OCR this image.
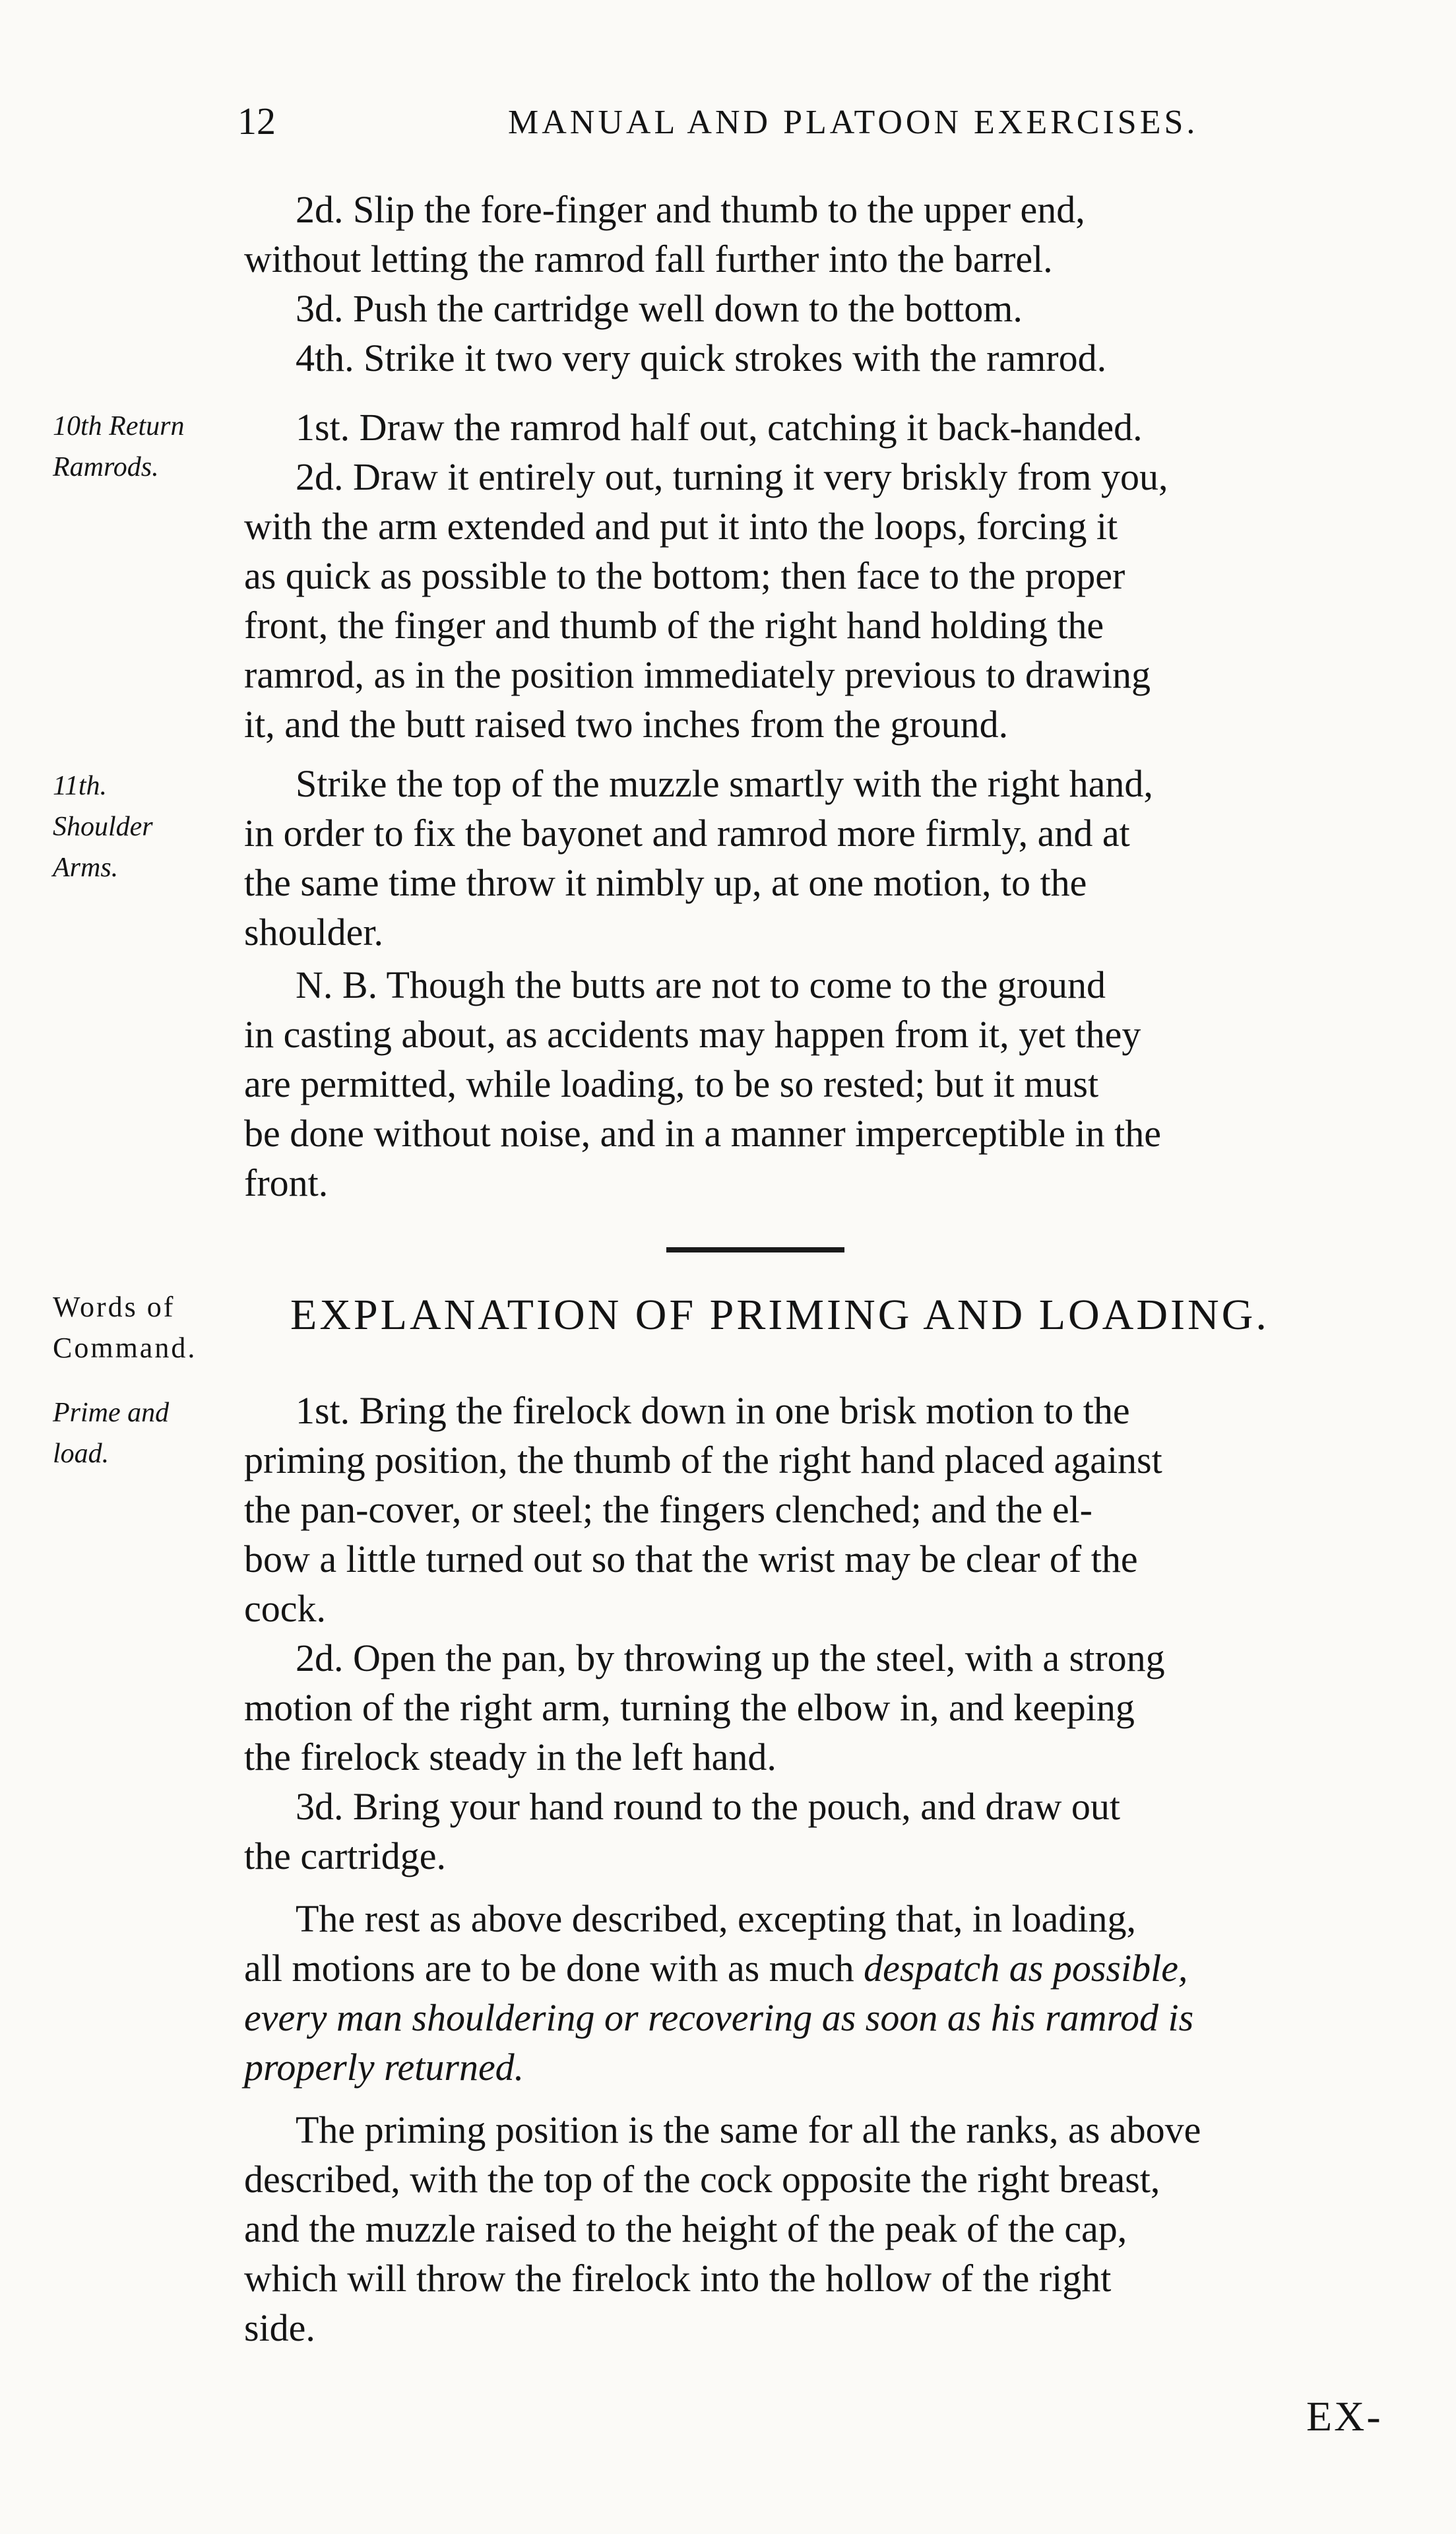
12	MANUAL AND PLATOON EXERCISES.
2d. Slip the fore-finger and thumb to the upper end,
without letting the ramrod fall further into the barrel.
3d. Push the cartridge well down to the bottom.
4th. Strike it two very quick strokes with the ramrod.
10th Return
Ramrods.
1st. Draw the ramrod half out, catching it back-handed.
2d. Draw it entirely out, turning it very briskly from you,
with the arm extended and put it into the loops, forcing it
as quick as possible to the bottom; then face to the proper
front, the finger and thumb of the right hand holding the
ramrod, as in the position immediately previous to drawing
it, and the butt raised two inches from the ground.
11th.
Shoulder
Arms.
Strike the top of the muzzle smartly with the right hand,
in order to fix the bayonet and ramrod more firmly, and at
the same time throw it nimbly up, at one motion, to the
shoulder.
N. B. Though the butts are not to come to the ground
in casting about, as accidents may happen from it, yet they
are permitted, while loading, to be so rested; but it must
be done without noise, and in a manner imperceptible in the
front.
Words of
Command.
EXPLANATION OF PRIMING AND LOADING.
Prime and
load.
1st. Bring the firelock down in one brisk motion to the
priming position, the thumb of the right hand placed against
the pan-cover, or steel; the fingers clenched; and the el-
bow a little turned out so that the wrist may be clear of the
cock.
2d. Open the pan, by throwing up the steel, with a strong
motion of the right arm, turning the elbow in, and keeping
the firelock steady in the left hand.
3d. Bring your hand round to the pouch, and draw out
the cartridge.
The rest as above described, excepting that, in loading,
all motions are to be done with as much despatch as possible,
every man shouldering or recovering as soon as his ramrod is
properly returned.
The priming position is the same for all the ranks, as above
described, with the top of the cock opposite the right breast,
and the muzzle raised to the height of the peak of the cap,
which will throw the firelock into the hollow of the right
side.
EX-
